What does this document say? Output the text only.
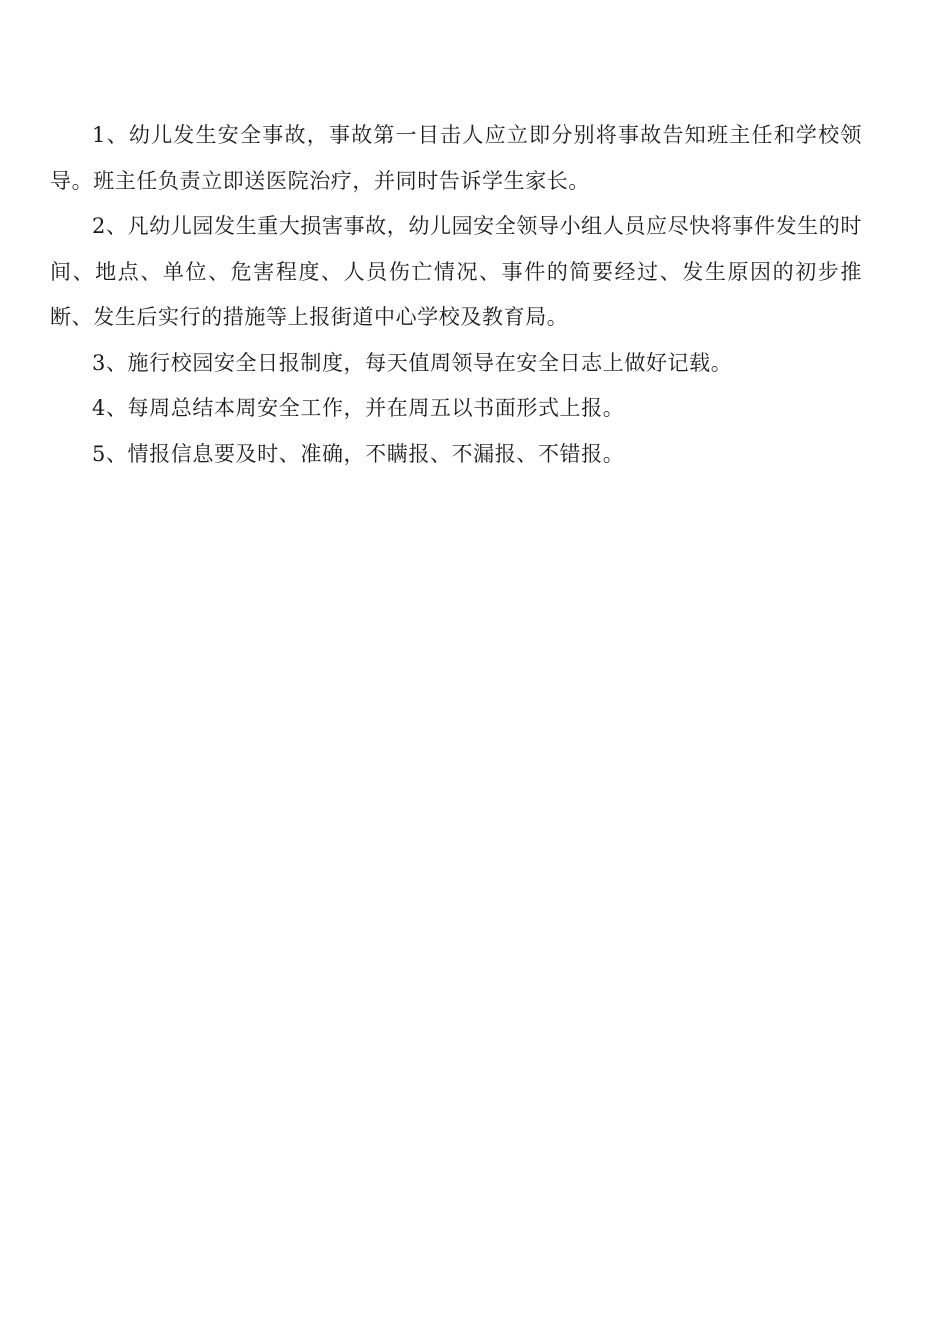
1、幼儿发生安全事故，事故第一目击人应立即分别将事故告知班主任和学校领导。班主任负责立即送医院治疗，并同时告诉学生家长。

2、凡幼儿园发生重大损害事故，幼儿园安全领导小组人员应尽快将事件发生的时间、地点、单位、危害程度、人员伤亡情况、事件的简要经过、发生原因的初步推断、发生后实行的措施等上报街道中心学校及教育局。

3、施行校园安全日报制度，每天值周领导在安全日志上做好记载。

4、每周总结本周安全工作，并在周五以书面形式上报。

5、情报信息要及时、准确，不瞒报、不漏报、不错报。
